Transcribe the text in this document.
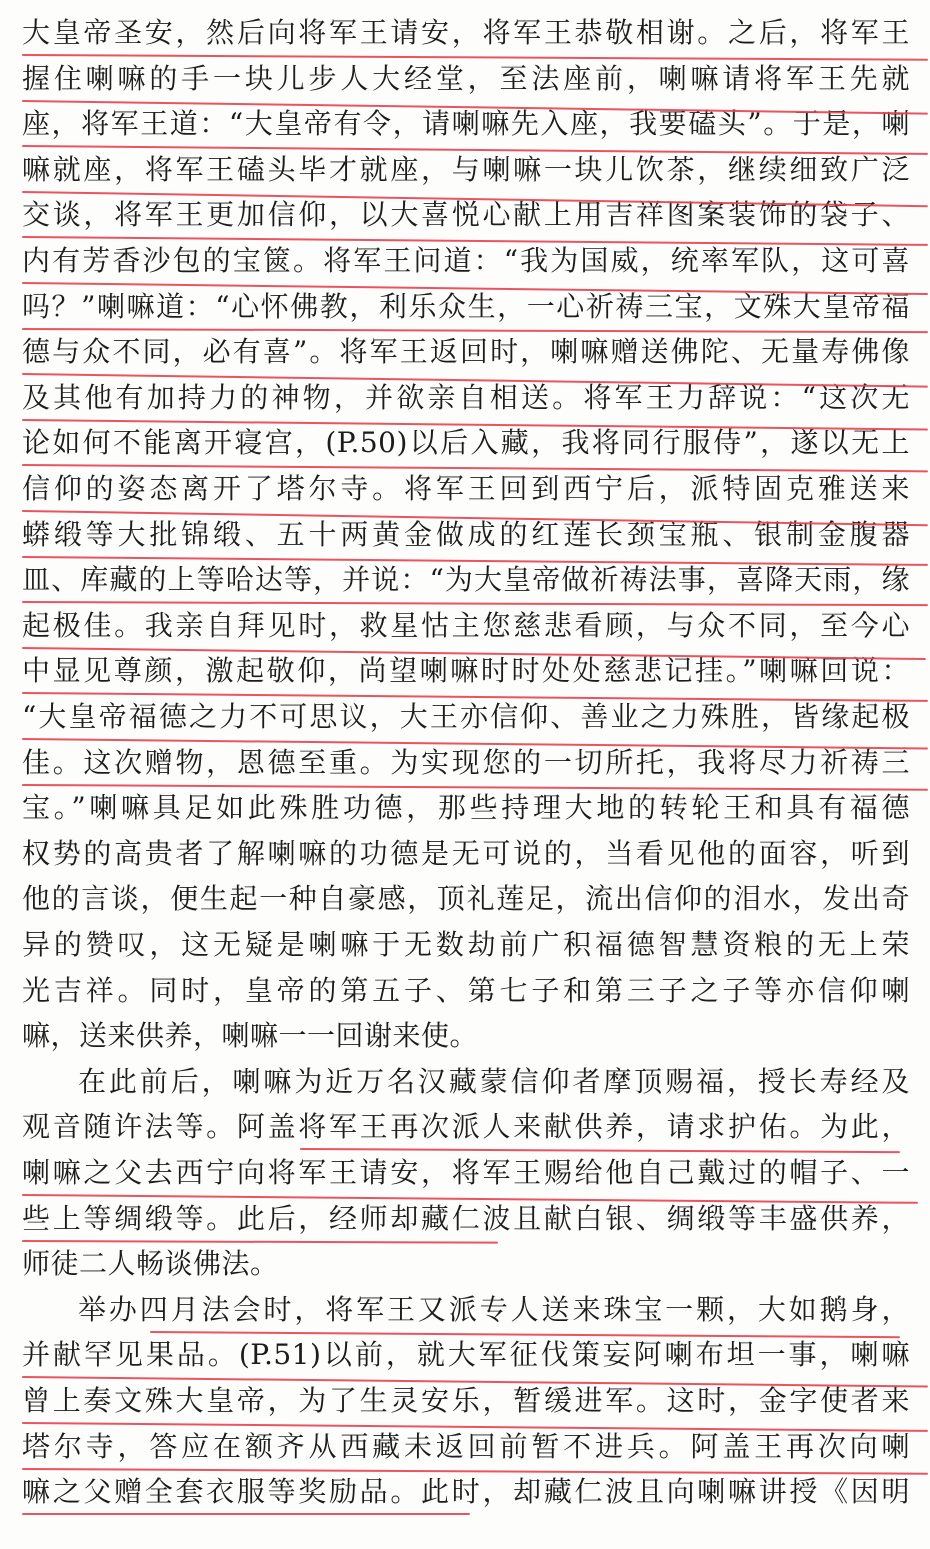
大皇帝圣安，然后向将军王请安，将军王恭敬相谢。之后，将军王
握住喇嘛的手一块儿步人大经堂，至法座前，喇嘛请将军王先就
座，将军王道：“大皇帝有令，请喇嘛先入座，我要磕头”。于是，喇
嘛就座，将军王磕头毕才就座，与喇嘛一块儿饮茶，继续细致广泛
交谈，将军王更加信仰，以大喜悦心献上用吉祥图案装饰的袋子、
内有芳香沙包的宝篋。将军王问道：“我为国威，统率军队，这可喜
吗？”喇嘛道：“心怀佛教，利乐众生，一心祈祷三宝，文殊大皇帝福
德与众不同，必有喜”。将军王返回时，喇嘛赠送佛陀、无量寿佛像
及其他有加持力的神物，并欲亲自相送。将军王力辞说：“这次无
论如何不能离开寝宫，(P.50)以后入藏，我将同行服侍”，遂以无上
信仰的姿态离开了塔尔寺。将军王回到西宁后，派特固克雅送来
蟒缎等大批锦缎、五十两黄金做成的红莲长颈宝瓶、银制金腹器
皿、库藏的上等哈达等，并说：“为大皇帝做祈祷法事，喜降天雨，缘
起极佳。我亲自拜见时，救星怙主您慈悲看顾，与众不同，至今心
中显见尊颜，激起敬仰，尚望喇嘛时时处处慈悲记挂。”喇嘛回说：
“大皇帝福德之力不可思议，大王亦信仰、善业之力殊胜，皆缘起极
佳。这次赠物，恩德至重。为实现您的一切所托，我将尽力祈祷三
宝。”喇嘛具足如此殊胜功德，那些持理大地的转轮王和具有福德
权势的高贵者了解喇嘛的功德是无可说的，当看见他的面容，听到
他的言谈，便生起一种自豪感，顶礼莲足，流出信仰的泪水，发出奇
异的赞叹，这无疑是喇嘛于无数劫前广积福德智慧资粮的无上荣
光吉祥。同时，皇帝的第五子、第七子和第三子之子等亦信仰喇
嘛，送来供养，喇嘛一一回谢来使。
在此前后，喇嘛为近万名汉藏蒙信仰者摩顶赐福，授长寿经及
观音随许法等。阿盖将军王再次派人来献供养，请求护佑。为此，
喇嘛之父去西宁向将军王请安，将军王赐给他自己戴过的帽子、一
些上等绸缎等。此后，经师却藏仁波且献白银、绸缎等丰盛供养，
师徒二人畅谈佛法。
举办四月法会时，将军王又派专人送来珠宝一颗，大如鹅身，
并献罕见果品。(P.51)以前，就大军征伐策妄阿喇布坦一事，喇嘛
曾上奏文殊大皇帝，为了生灵安乐，暂缓进军。这时，金字使者来
塔尔寺，答应在额齐从西藏未返回前暂不进兵。阿盖王再次向喇
嘛之父赠全套衣服等奖励品。此时，却藏仁波且向喇嘛讲授《因明
